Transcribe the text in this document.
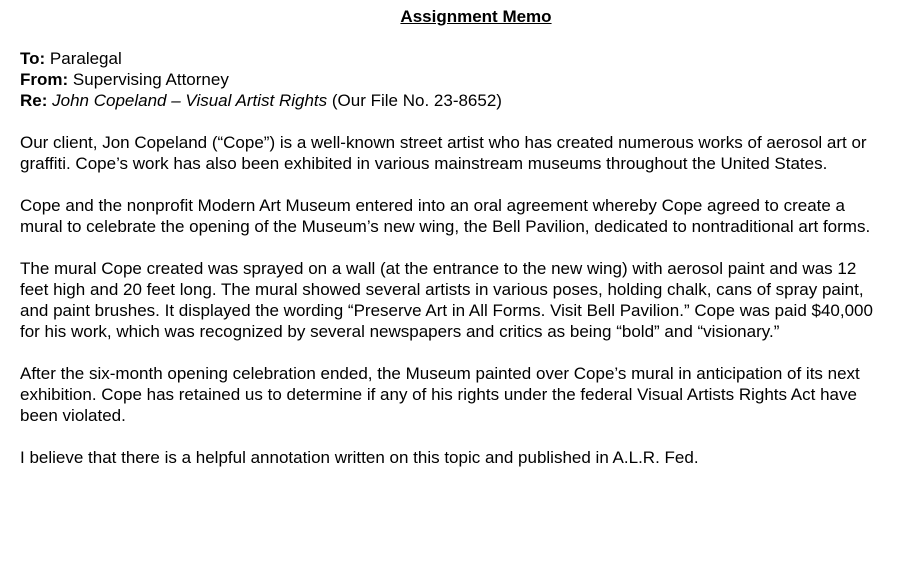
Assignment Memo
To: Paralegal
From: Supervising Attorney
Re: John Copeland – Visual Artist Rights (Our File No. 23-8652)

Our client, Jon Copeland (“Cope”) is a well-known street artist who has created numerous works of aerosol art or graffiti. Cope’s work has also been exhibited in various mainstream museums throughout the United States.

Cope and the nonprofit Modern Art Museum entered into an oral agreement whereby Cope agreed to create a mural to celebrate the opening of the Museum’s new wing, the Bell Pavilion, dedicated to nontraditional art forms.

The mural Cope created was sprayed on a wall (at the entrance to the new wing) with aerosol paint and was 12 feet high and 20 feet long. The mural showed several artists in various poses, holding chalk, cans of spray paint, and paint brushes. It displayed the wording “Preserve Art in All Forms. Visit Bell Pavilion.” Cope was paid $40,000 for his work, which was recognized by several newspapers and critics as being “bold” and “visionary.”

After the six-month opening celebration ended, the Museum painted over Cope’s mural in anticipation of its next exhibition. Cope has retained us to determine if any of his rights under the federal Visual Artists Rights Act have been violated.

I believe that there is a helpful annotation written on this topic and published in A.L.R. Fed.
